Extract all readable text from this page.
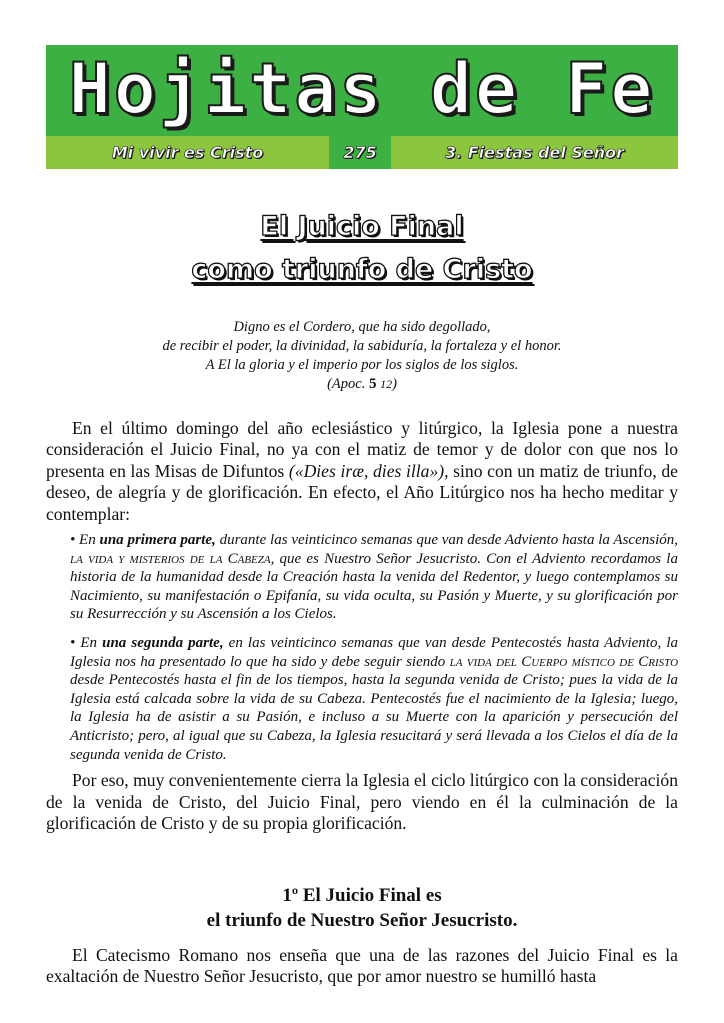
Hojitas de Fe
Mi vivir es Cristo	275	3. Fiestas del Señor
El Juicio Final
como triunfo de Cristo
Digno es el Cordero, que ha sido degollado,
de recibir el poder, la divinidad, la sabiduría, la fortaleza y el honor.
A El la gloria y el imperio por los siglos de los siglos.
(Apoc. 5 12)

En el último domingo del año eclesiástico y litúrgico, la Iglesia pone a nuestra consideración el Juicio Final, no ya con el matiz de temor y de dolor con que nos lo presenta en las Misas de Difuntos («Dies iræ, dies illa»), sino con un matiz de triunfo, de deseo, de alegría y de glorificación. En efecto, el Año Litúrgico nos ha hecho meditar y contemplar:

• En una primera parte, durante las veinticinco semanas que van desde Adviento hasta la Ascensión, la vida y misterios de la Cabeza, que es Nuestro Señor Jesucristo. Con el Adviento recordamos la historia de la humanidad desde la Creación hasta la venida del Redentor, y luego contemplamos su Nacimiento, su manifestación o Epifanía, su vida oculta, su Pasión y Muerte, y su glorificación por su Resurrección y su Ascensión a los Cielos.
• En una segunda parte, en las veinticinco semanas que van desde Pentecostés hasta Adviento, la Iglesia nos ha presentado lo que ha sido y debe seguir siendo la vida del Cuerpo místico de Cristo desde Pentecostés hasta el fin de los tiempos, hasta la segunda venida de Cristo; pues la vida de la Iglesia está calcada sobre la vida de su Cabeza. Pentecostés fue el nacimiento de la Iglesia; luego, la Iglesia ha de asistir a su Pasión, e incluso a su Muerte con la aparición y persecución del Anticristo; pero, al igual que su Cabeza, la Iglesia resucitará y será llevada a los Cielos el día de la segunda venida de Cristo.

Por eso, muy convenientemente cierra la Iglesia el ciclo litúrgico con la consideración de la venida de Cristo, del Juicio Final, pero viendo en él la culminación de la glorificación de Cristo y de su propia glorificación.

1º El Juicio Final es
el triunfo de Nuestro Señor Jesucristo.

El Catecismo Romano nos enseña que una de las razones del Juicio Final es la exaltación de Nuestro Señor Jesucristo, que por amor nuestro se humilló hasta
